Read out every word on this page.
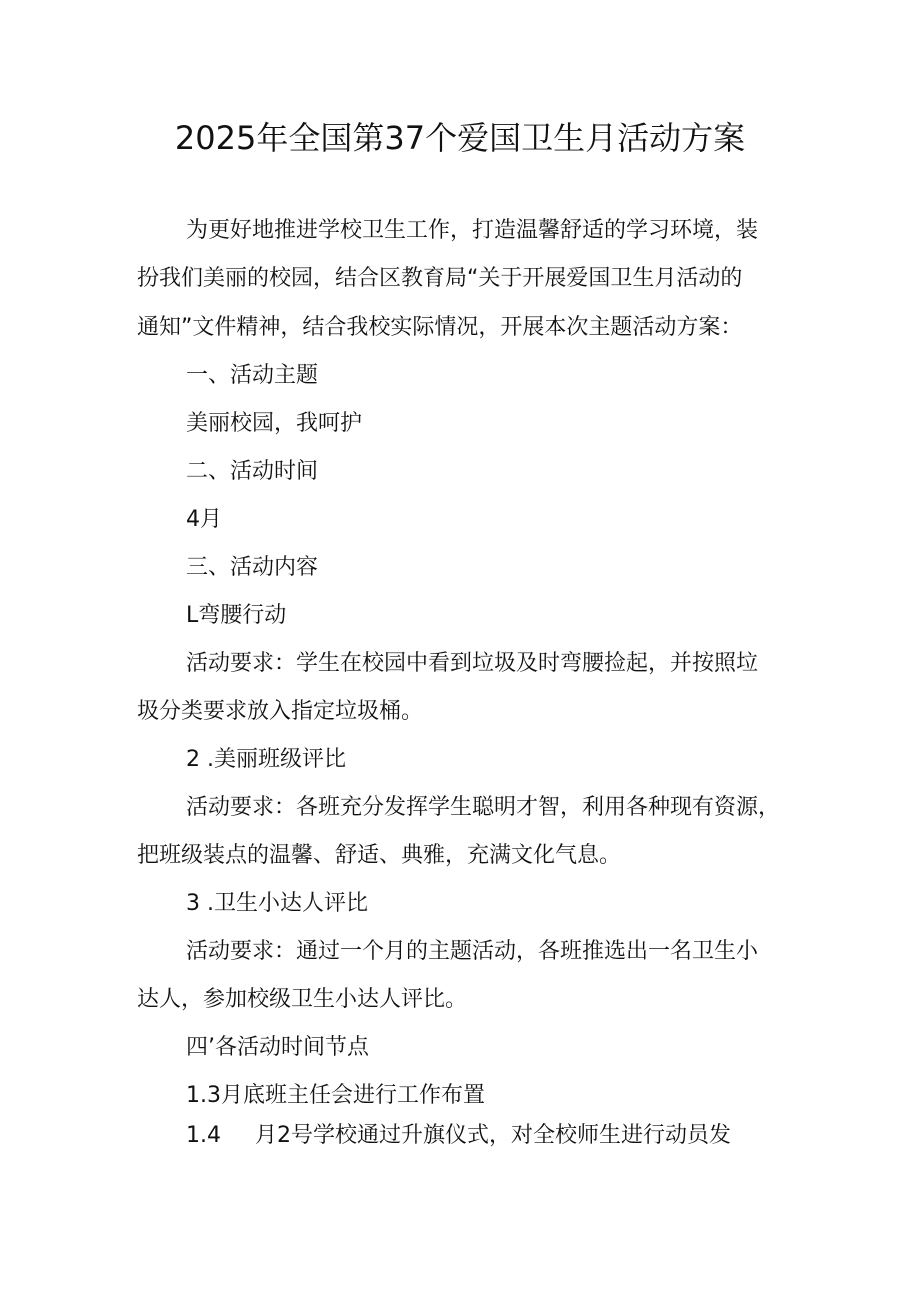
2025年全国第37个爱国卫生月活动方案
为更好地推进学校卫生工作，打造温馨舒适的学习环境，装
扮我们美丽的校园，结合区教育局“关于开展爱国卫生月活动的
通知”文件精神，结合我校实际情况，开展本次主题活动方案：
一、活动主题
美丽校园，我呵护
二、活动时间
4月
三、活动内容
L弯腰行动
活动要求：学生在校园中看到垃圾及时弯腰捡起，并按照垃
圾分类要求放入指定垃圾桶。
2 .美丽班级评比
活动要求：各班充分发挥学生聪明才智，利用各种现有资源，
把班级装点的温馨、舒适、典雅，充满文化气息。
3 .卫生小达人评比
活动要求：通过一个月的主题活动，各班推选出一名卫生小
达人，参加校级卫生小达人评比。
四’各活动时间节点
1.3月底班主任会进行工作布置
1.4 月2号学校通过升旗仪式，对全校师生进行动员发
